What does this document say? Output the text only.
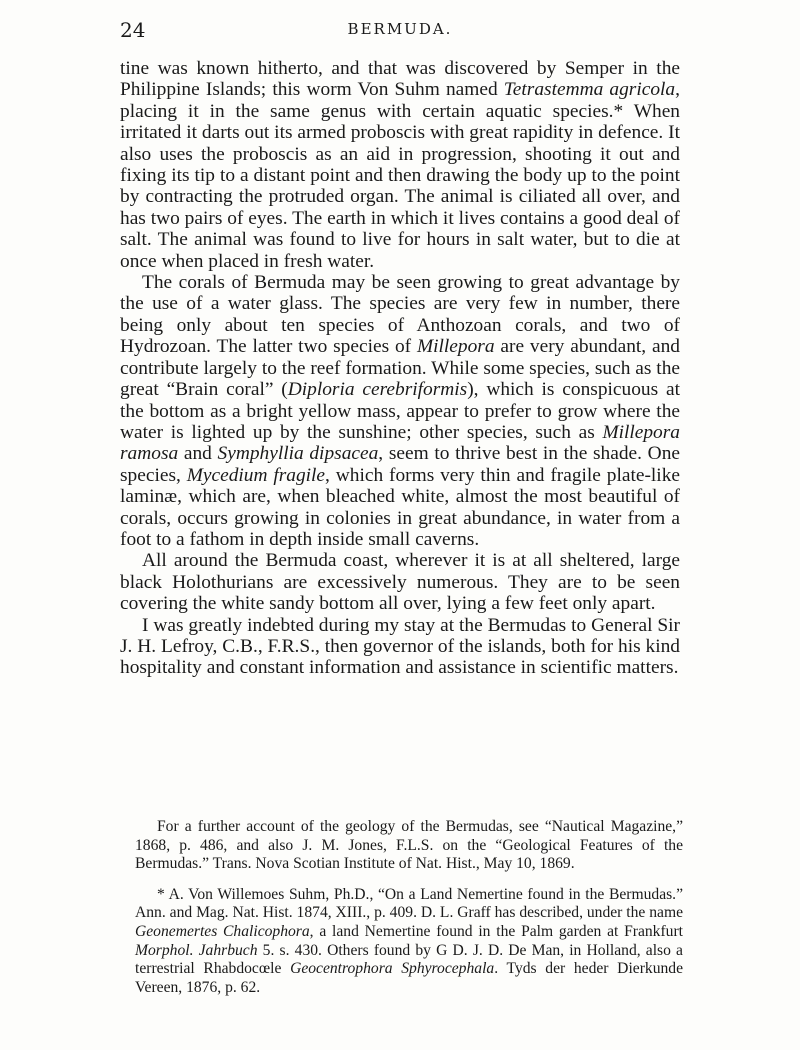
24	BERMUDA.

tine was known hitherto, and that was discovered by Semper in the Philippine Islands; this worm Von Suhm named Tetrastemma agricola, placing it in the same genus with certain aquatic species.* When irritated it darts out its armed proboscis with great rapidity in defence. It also uses the proboscis as an aid in progression, shooting it out and fixing its tip to a distant point and then drawing the body up to the point by contracting the protruded organ. The animal is ciliated all over, and has two pairs of eyes. The earth in which it lives contains a good deal of salt. The animal was found to live for hours in salt water, but to die at once when placed in fresh water.

The corals of Bermuda may be seen growing to great advantage by the use of a water glass. The species are very few in number, there being only about ten species of Anthozoan corals, and two of Hydrozoan. The latter two species of Millepora are very abundant, and contribute largely to the reef formation. While some species, such as the great “Brain coral” (Diploria cerebriformis), which is conspicuous at the bottom as a bright yellow mass, appear to prefer to grow where the water is lighted up by the sunshine; other species, such as Millepora ramosa and Symphyllia dipsacea, seem to thrive best in the shade. One species, Mycedium fragile, which forms very thin and fragile plate-like laminæ, which are, when bleached white, almost the most beautiful of corals, occurs growing in colonies in great abundance, in water from a foot to a fathom in depth inside small caverns.

All around the Bermuda coast, wherever it is at all sheltered, large black Holothurians are excessively numerous. They are to be seen covering the white sandy bottom all over, lying a few feet only apart.

I was greatly indebted during my stay at the Bermudas to General Sir J. H. Lefroy, C.B., F.R.S., then governor of the islands, both for his kind hospitality and constant information and assistance in scientific matters.

For a further account of the geology of the Bermudas, see “Nautical Magazine,” 1868, p. 486, and also J. M. Jones, F.L.S. on the “Geological Features of the Bermudas.” Trans. Nova Scotian Institute of Nat. Hist., May 10, 1869.

* A. Von Willemoes Suhm, Ph.D., “On a Land Nemertine found in the Bermudas.” Ann. and Mag. Nat. Hist. 1874, XIII., p. 409. D. L. Graff has described, under the name Geonemertes Chalicophora, a land Nemertine found in the Palm garden at Frankfurt Morphol. Jahrbuch 5. s. 430. Others found by G D. J. D. De Man, in Holland, also a terrestrial Rhabdocœle Geocentrophora Sphyrocephala. Tyds der heder Dierkunde Vereen, 1876, p. 62.
